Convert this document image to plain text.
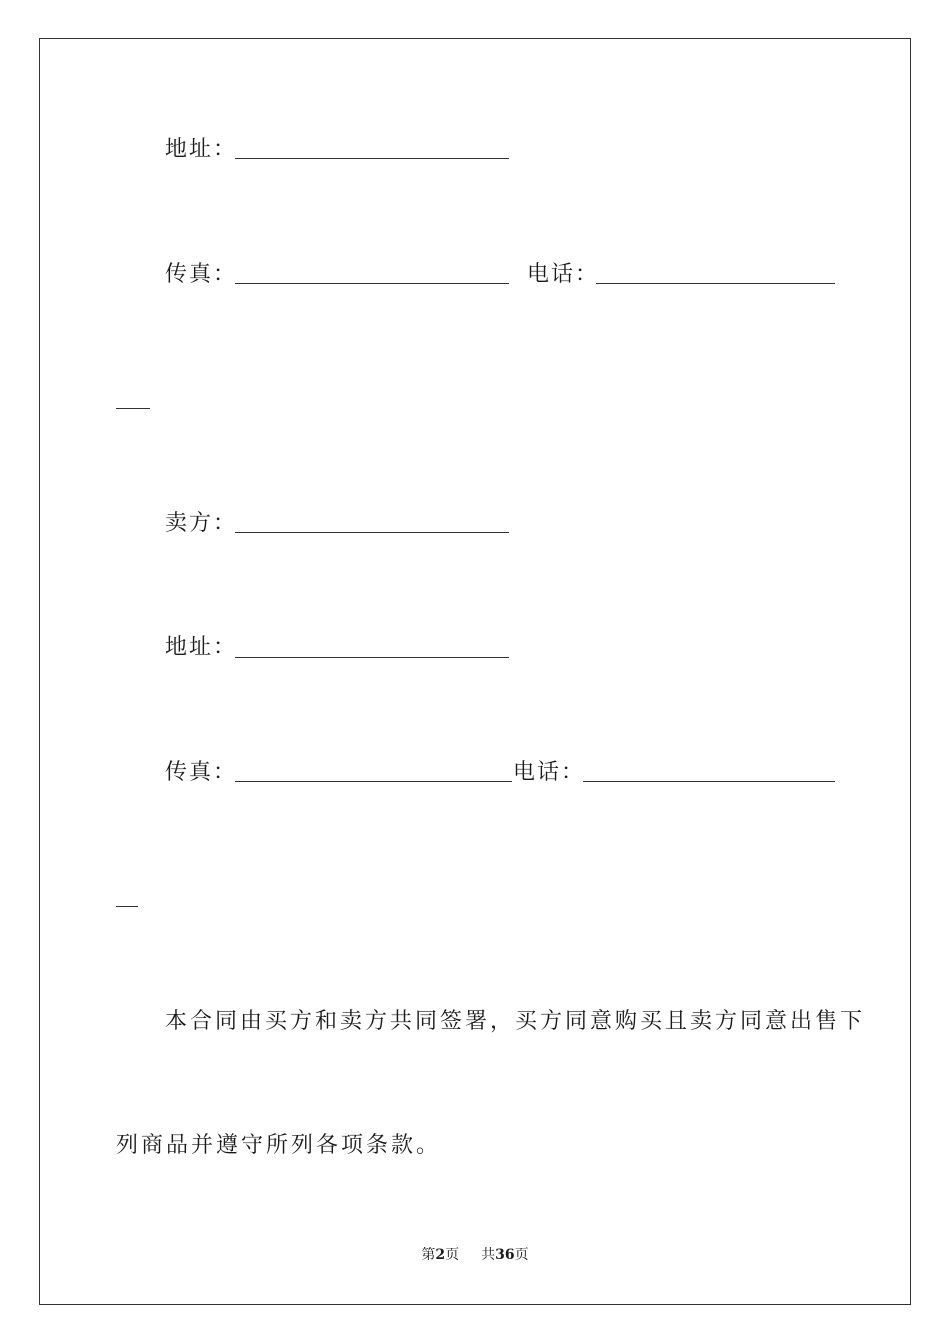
地址：
传真：	电话：
卖方：
地址：
传真：	电话：
本合同由买方和卖方共同签署，买方同意购买且卖方同意出售下
列商品并遵守所列各项条款。
第2页 共36页
